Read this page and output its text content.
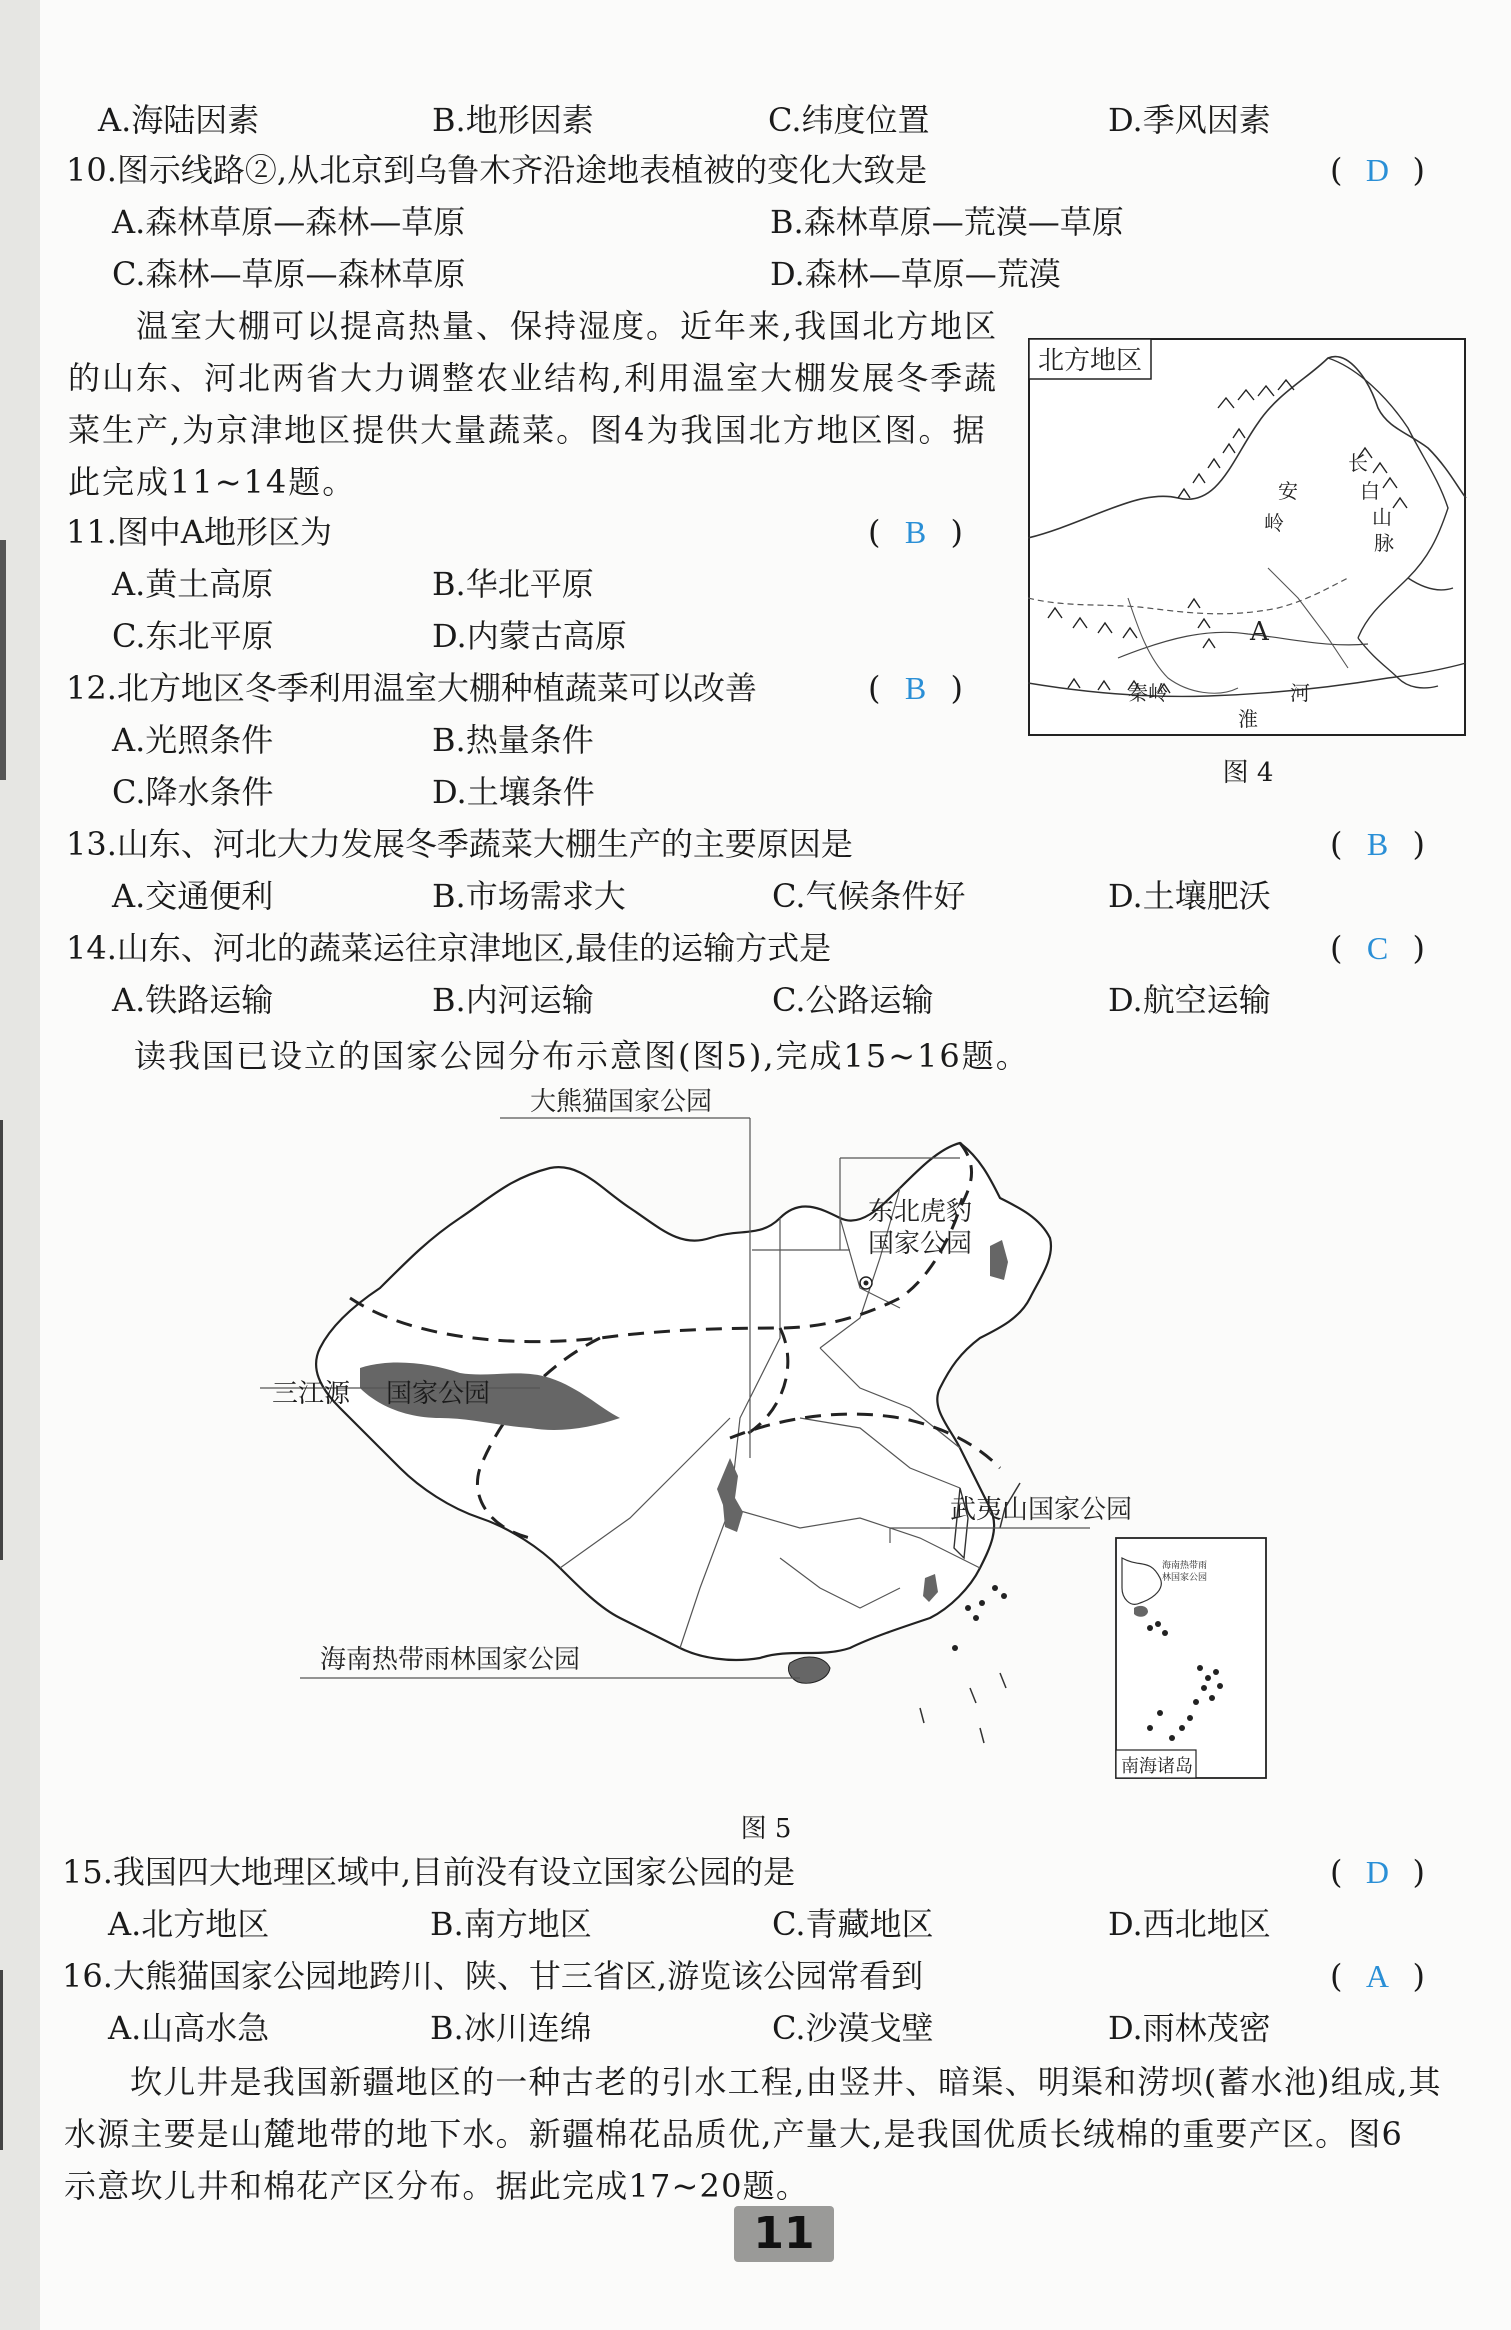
A.海陆因素	B.地形因素	C.纬度位置	D.季风因素
10.图示线路②,从北京到乌鲁木齐沿途地表植被的变化大致是	( D )
A.森林草原—森林—草原	B.森林草原—荒漠—草原
C.森林—草原—森林草原	D.森林—草原—荒漠
温室大棚可以提高热量、保持湿度。近年来,我国北方地区
的山东、河北两省大力调整农业结构,利用温室大棚发展冬季蔬
菜生产,为京津地区提供大量蔬菜。图4为我国北方地区图。据
此完成11~14题。
11.图中A地形区为	( B )
A.黄土高原	B.华北平原
C.东北平原	D.内蒙古高原
12.北方地区冬季利用温室大棚种植蔬菜可以改善	( B )
A.光照条件	B.热量条件
C.降水条件	D.土壤条件
北方地区
安
岭
长
白
山
脉
A
秦岭
淮
河
图 4
13.山东、河北大力发展冬季蔬菜大棚生产的主要原因是	( B )
A.交通便利	B.市场需求大	C.气候条件好	D.土壤肥沃
14.山东、河北的蔬菜运往京津地区,最佳的运输方式是	( C )
A.铁路运输	B.内河运输	C.公路运输	D.航空运输
读我国已设立的国家公园分布示意图(图5),完成15~16题。
大熊猫国家公园
东北虎豹
国家公园
武夷山国家公园
海南热带雨林国家公园
海南热带雨
林国家公园
南海诸岛
三江源 国家公园
图 5
15.我国四大地理区域中,目前没有设立国家公园的是	( D )
A.北方地区	B.南方地区	C.青藏地区	D.西北地区
16.大熊猫国家公园地跨川、陕、甘三省区,游览该公园常看到	( A )
A.山高水急	B.冰川连绵	C.沙漠戈壁	D.雨林茂密
坎儿井是我国新疆地区的一种古老的引水工程,由竖井、暗渠、明渠和涝坝(蓄水池)组成,其
水源主要是山麓地带的地下水。新疆棉花品质优,产量大,是我国优质长绒棉的重要产区。图6
示意坎儿井和棉花产区分布。据此完成17~20题。
11
